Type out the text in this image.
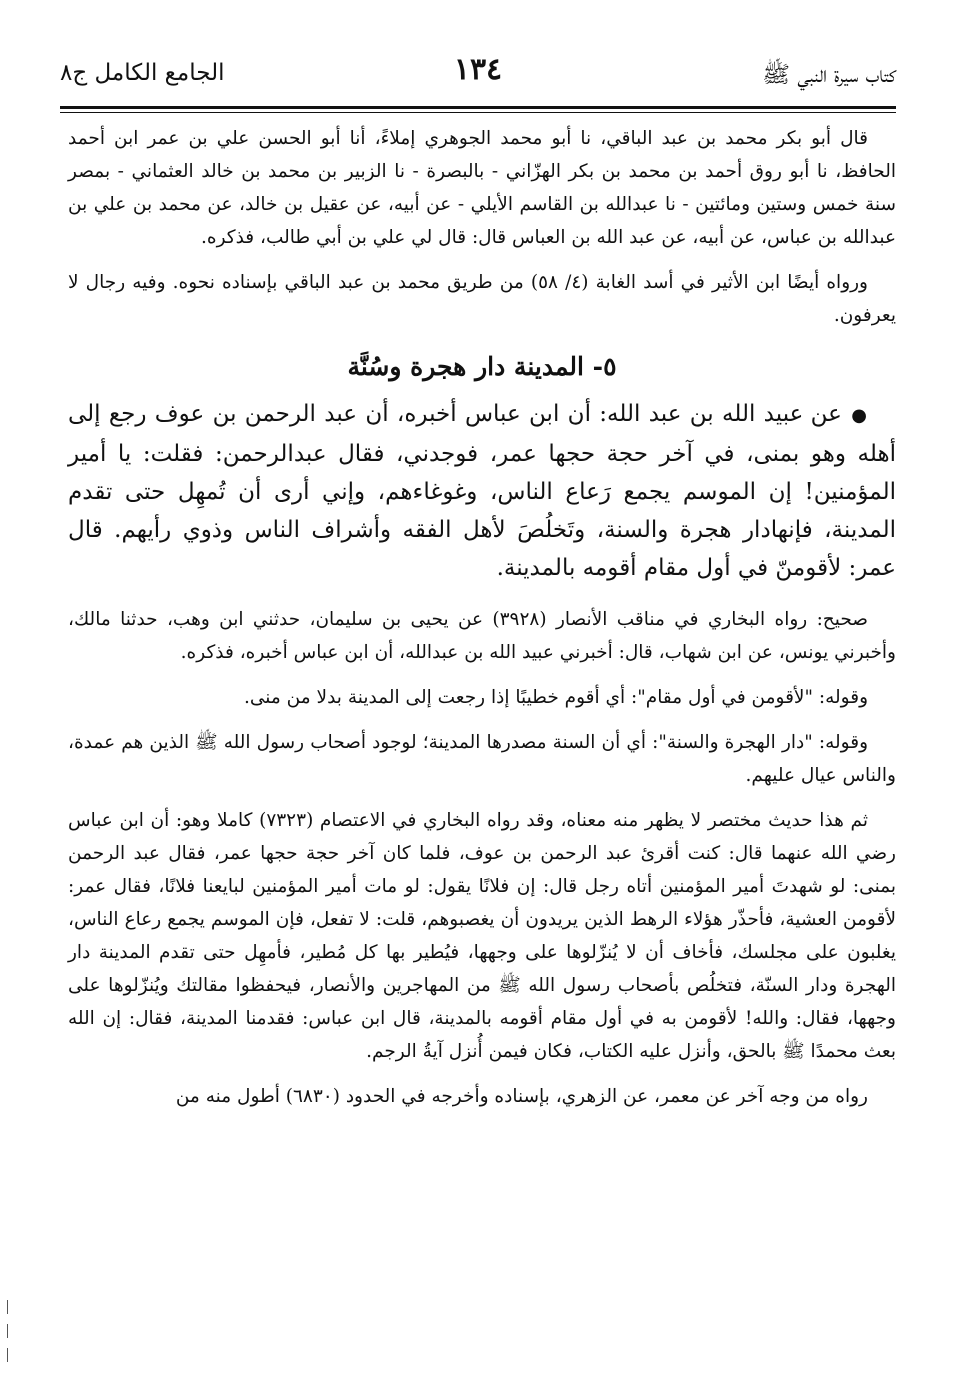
كتاب سيرة النبي ﷺ
١٣٤
الجامع الكامل ج٨

قال أبو بكر محمد بن عبد الباقي، نا أبو محمد الجوهري إملاءً، أنا أبو الحسن علي بن عمر ابن أحمد الحافظ، نا أبو روق أحمد بن محمد بن بكر الهزّاني - بالبصرة - نا الزبير بن محمد بن خالد العثماني - بمصر سنة خمس وستين ومائتين - نا عبدالله بن القاسم الأيلي - عن أبيه، عن عقيل بن خالد، عن محمد بن علي بن عبدالله بن عباس، عن أبيه، عن عبد الله بن العباس قال: قال لي علي بن أبي طالب، فذكره.

ورواه أيضًا ابن الأثير في أسد الغابة (٤/ ٥٨) من طريق محمد بن عبد الباقي بإسناده نحوه. وفيه رجال لا يعرفون.

٥- المدينة دار هجرة وسُنَّة

● عن عبيد الله بن عبد الله: أن ابن عباس أخبره، أن عبد الرحمن بن عوف رجع إلى أهله وهو بمنى، في آخر حجة حجها عمر، فوجدني، فقال عبدالرحمن: فقلت: يا أمير المؤمنين! إن الموسم يجمع رَعاع الناس، وغوغاءهم، وإني أرى أن تُمهِل حتى تقدم المدينة، فإنهادار هجرة والسنة، وتَخلُصَ لأهل الفقه وأشراف الناس وذوي رأيهم. قال عمر: لأقومنّ في أول مقام أقومه بالمدينة.

صحيح: رواه البخاري في مناقب الأنصار (٣٩٢٨) عن يحيى بن سليمان، حدثني ابن وهب، حدثنا مالك، وأخبرني يونس، عن ابن شهاب، قال: أخبرني عبيد الله بن عبدالله، أن ابن عباس أخبره، فذكره.

وقوله: "لأقومن في أول مقام": أي أقوم خطيبًا إذا رجعت إلى المدينة بدلا من منى.

وقوله: "دار الهجرة والسنة": أي أن السنة مصدرها المدينة؛ لوجود أصحاب رسول الله ﷺ الذين هم عمدة، والناس عيال عليهم.

ثم هذا حديث مختصر لا يظهر منه معناه، وقد رواه البخاري في الاعتصام (٧٣٢٣) كاملا وهو: أن ابن عباس رضي الله عنهما قال: كنت أقرئ عبد الرحمن بن عوف، فلما كان آخر حجة حجها عمر، فقال عبد الرحمن بمنى: لو شهدتَ أمير المؤمنين أتاه رجل قال: إن فلانًا يقول: لو مات أمير المؤمنين لبايعنا فلانًا، فقال عمر: لأقومن العشية، فأحذّر هؤلاء الرهط الذين يريدون أن يغصبوهم، قلت: لا تفعل، فإن الموسم يجمع رعاع الناس، يغلبون على مجلسك، فأخاف أن لا يُنزّلوها على وجهها، فيُطير بها كل مُطير، فأمهِل حتى تقدم المدينة دار الهجرة ودار السنّة، فتخلُص بأصحاب رسول الله ﷺ من المهاجرين والأنصار، فيحفظوا مقالتك ويُنزّلوها على وجهها، فقال: والله! لأقومن به في أول مقام أقومه بالمدينة، قال ابن عباس: فقدمنا المدينة، فقال: إن الله بعث محمدًا ﷺ بالحق، وأنزل عليه الكتاب، فكان فيمن أُنزل آيةُ الرجم.

رواه من وجه آخر عن معمر، عن الزهري، بإسناده وأخرجه في الحدود (٦٨٣٠) أطول منه من
